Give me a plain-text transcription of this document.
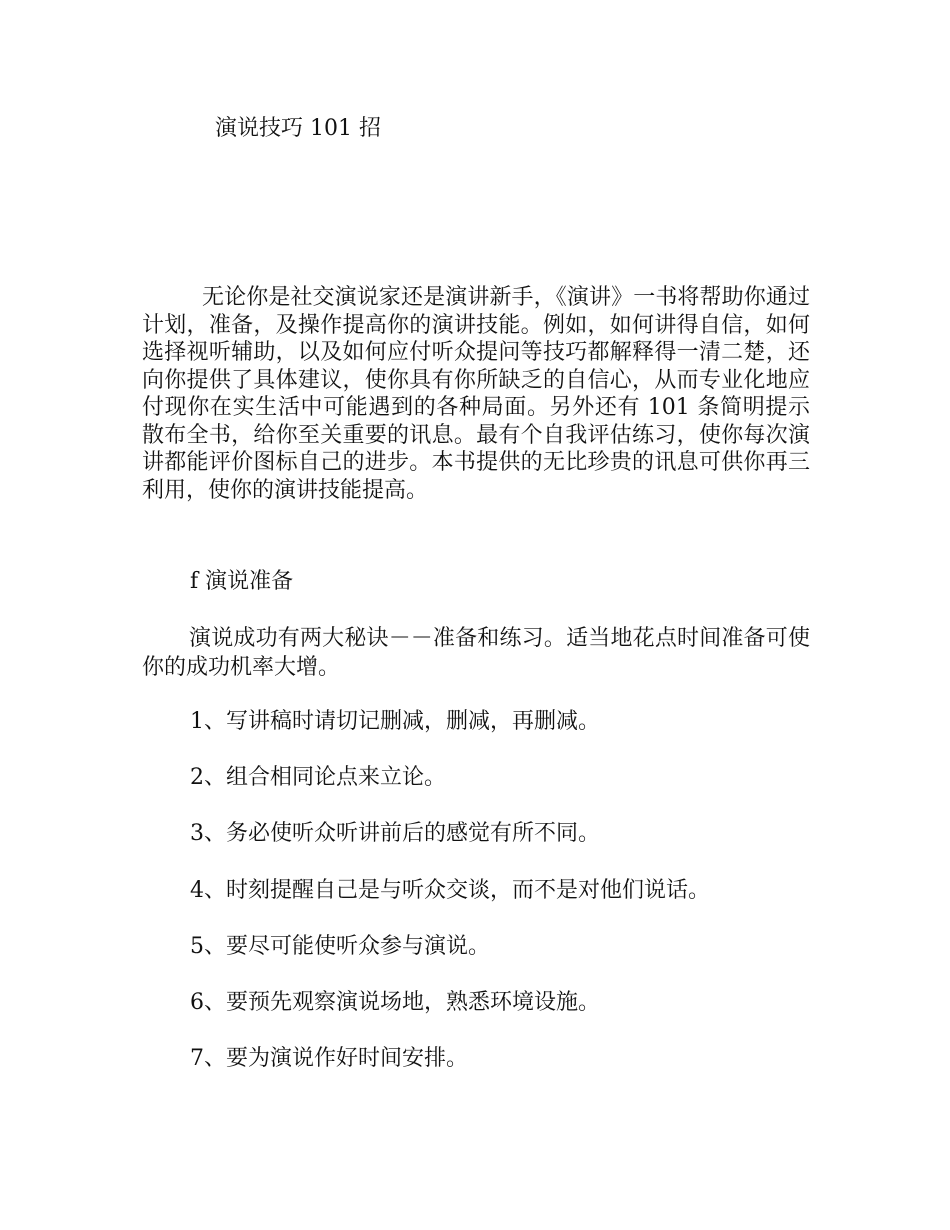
演说技巧 101 招

无论你是社交演说家还是演讲新手，《演讲》一书将帮助你通过计划，准备，及操作提高你的演讲技能。例如，如何讲得自信，如何选择视听辅助，以及如何应付听众提问等技巧都解释得一清二楚，还向你提供了具体建议，使你具有你所缺乏的自信心，从而专业化地应付现你在实生活中可能遇到的各种局面。另外还有 101 条简明提示散布全书，给你至关重要的讯息。最有个自我评估练习，使你每次演讲都能评价图标自己的进步。本书提供的无比珍贵的讯息可供你再三利用，使你的演讲技能提高。

f 演说准备

演说成功有两大秘诀－－准备和练习。适当地花点时间准备可使你的成功机率大增。

1、写讲稿时请切记删减，删减，再删减。
2、组合相同论点来立论。
3、务必使听众听讲前后的感觉有所不同。
4、时刻提醒自己是与听众交谈，而不是对他们说话。
5、要尽可能使听众参与演说。
6、要预先观察演说场地，熟悉环境设施。
7、要为演说作好时间安排。
